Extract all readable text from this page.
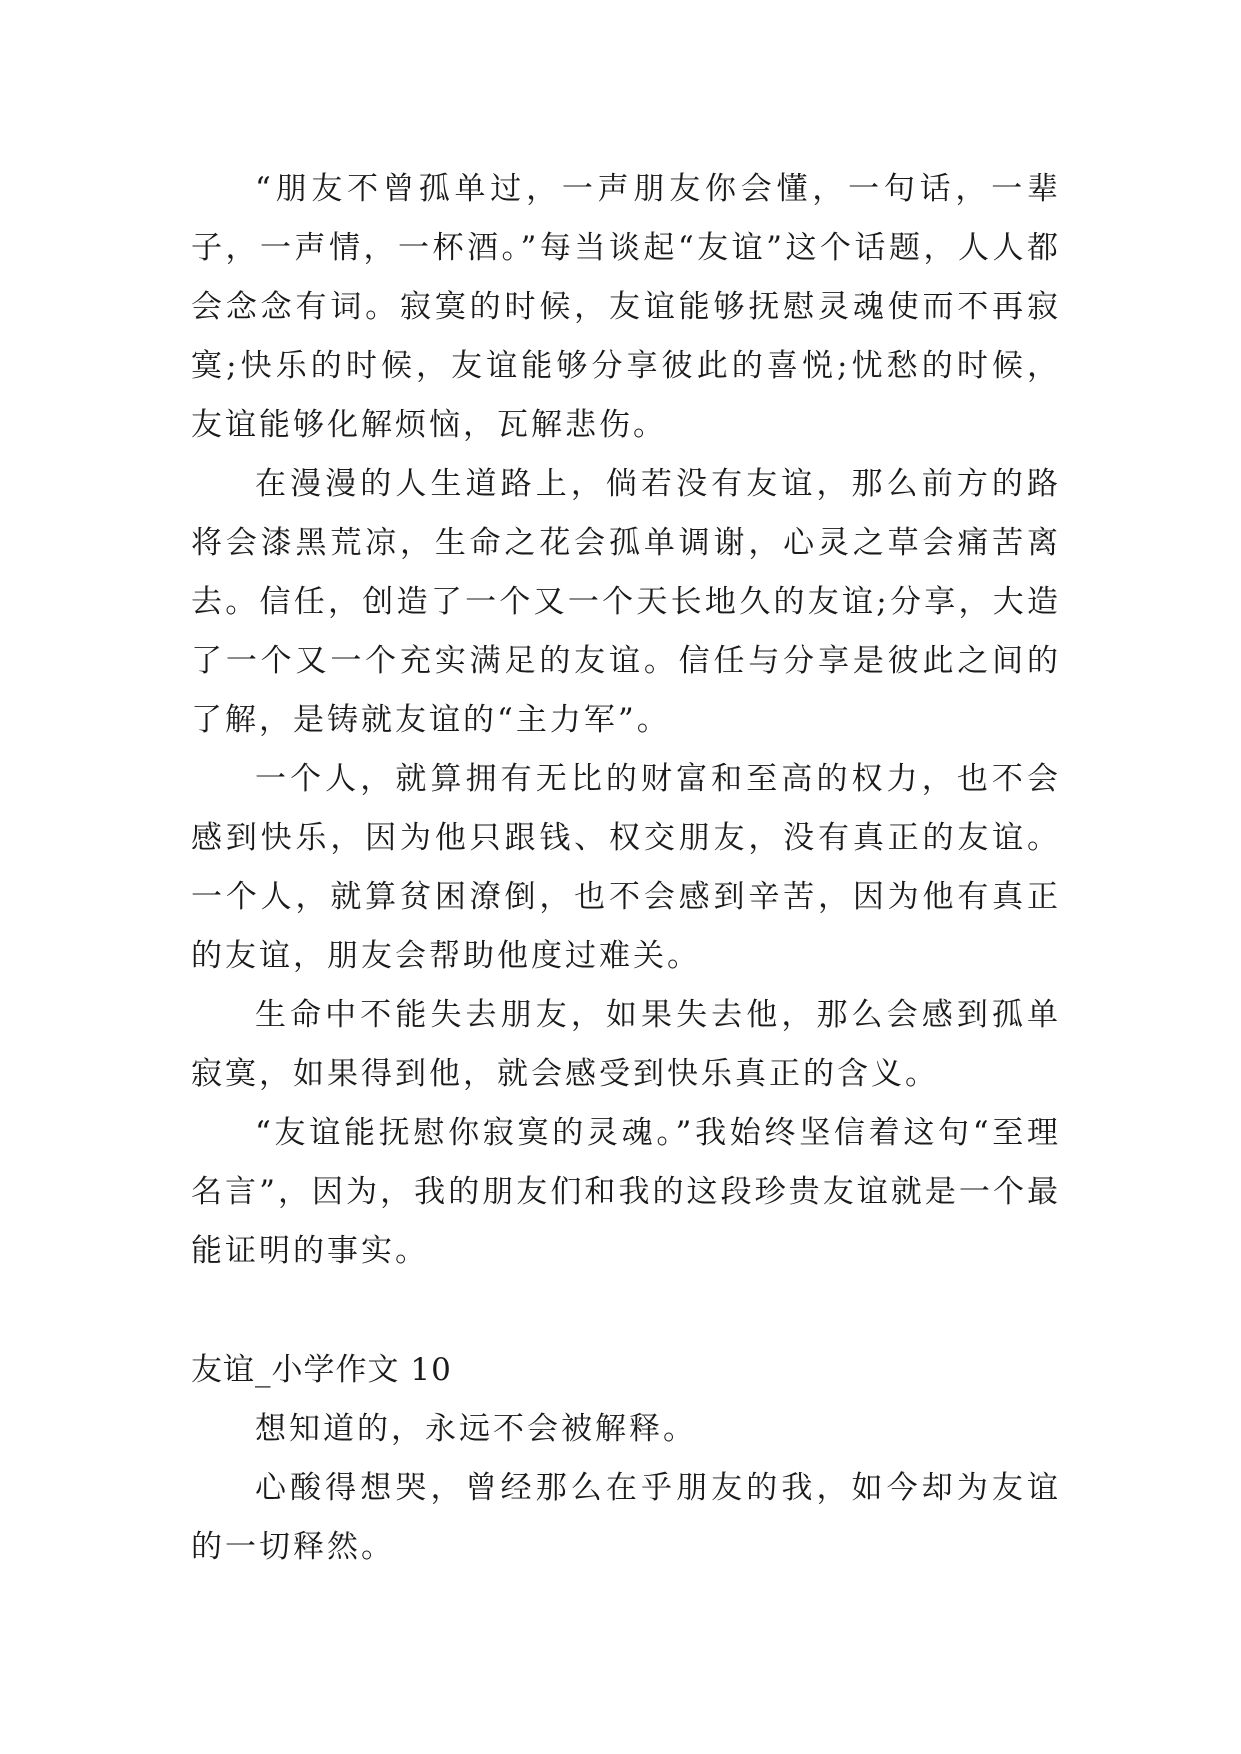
“朋友不曾孤单过，一声朋友你会懂，一句话，一辈子，一声情，一杯酒。”每当谈起“友谊”这个话题，人人都会念念有词。寂寞的时候，友谊能够抚慰灵魂使而不再寂寞;快乐的时候，友谊能够分享彼此的喜悦;忧愁的时候，友谊能够化解烦恼，瓦解悲伤。

在漫漫的人生道路上，倘若没有友谊，那么前方的路将会漆黑荒凉，生命之花会孤单调谢，心灵之草会痛苦离去。信任，创造了一个又一个天长地久的友谊;分享，大造了一个又一个充实满足的友谊。信任与分享是彼此之间的了解，是铸就友谊的“主力军”。

一个人，就算拥有无比的财富和至高的权力，也不会感到快乐，因为他只跟钱、权交朋友，没有真正的友谊。一个人，就算贫困潦倒，也不会感到辛苦，因为他有真正的友谊，朋友会帮助他度过难关。

生命中不能失去朋友，如果失去他，那么会感到孤单寂寞，如果得到他，就会感受到快乐真正的含义。

“友谊能抚慰你寂寞的灵魂。”我始终坚信着这句“至理名言”，因为，我的朋友们和我的这段珍贵友谊就是一个最能证明的事实。

友谊_小学作文 10

想知道的，永远不会被解释。

心酸得想哭，曾经那么在乎朋友的我，如今却为友谊的一切释然。
